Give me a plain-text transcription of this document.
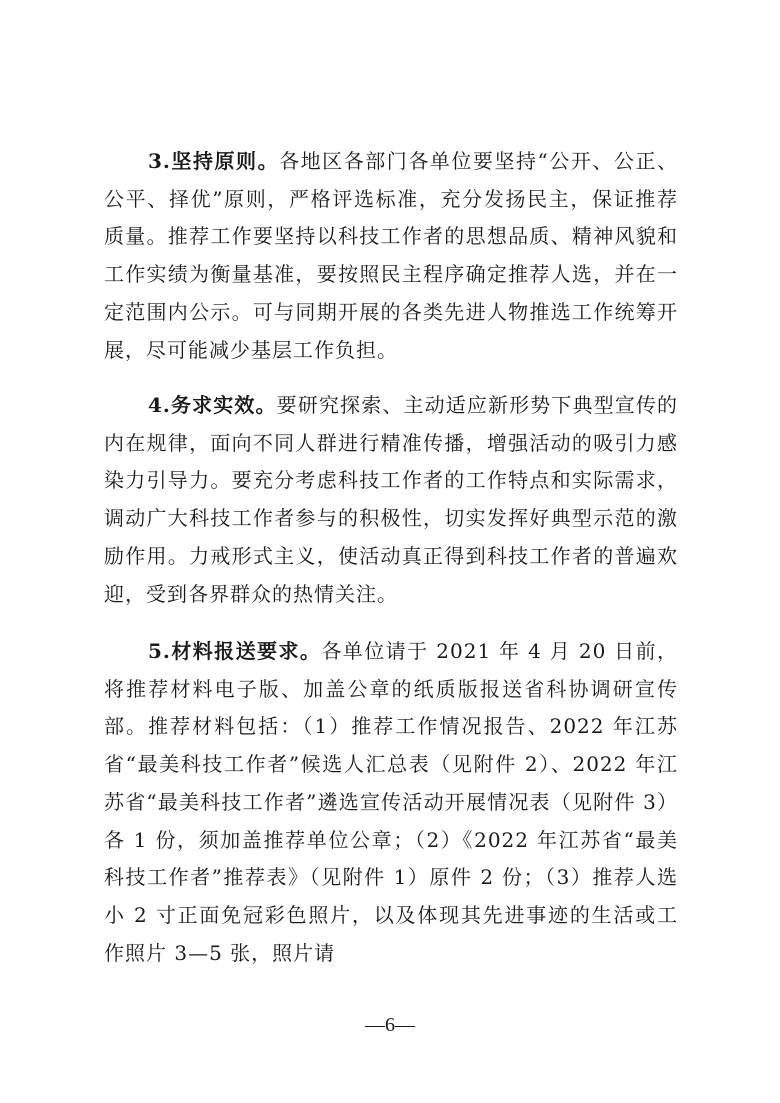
3.坚持原则。各地区各部门各单位要坚持“公开、公正、公平、择优”原则，严格评选标准，充分发扬民主，保证推荐质量。推荐工作要坚持以科技工作者的思想品质、精神风貌和工作实绩为衡量基准，要按照民主程序确定推荐人选，并在一定范围内公示。可与同期开展的各类先进人物推选工作统筹开展，尽可能减少基层工作负担。

4.务求实效。要研究探索、主动适应新形势下典型宣传的内在规律，面向不同人群进行精准传播，增强活动的吸引力感染力引导力。要充分考虑科技工作者的工作特点和实际需求，调动广大科技工作者参与的积极性，切实发挥好典型示范的激励作用。力戒形式主义，使活动真正得到科技工作者的普遍欢迎，受到各界群众的热情关注。

5.材料报送要求。各单位请于 2021 年 4 月 20 日前，将推荐材料电子版、加盖公章的纸质版报送省科协调研宣传部。推荐材料包括：（1）推荐工作情况报告、2022 年江苏省“最美科技工作者”候选人汇总表（见附件 2）、2022 年江苏省“最美科技工作者”遴选宣传活动开展情况表（见附件 3）各 1 份，须加盖推荐单位公章；（2）《2022 年江苏省“最美科技工作者”推荐表》（见附件 1）原件 2 份；（3）推荐人选小 2 寸正面免冠彩色照片，以及体现其先进事迹的生活或工作照片 3—5 张，照片请

—6—
